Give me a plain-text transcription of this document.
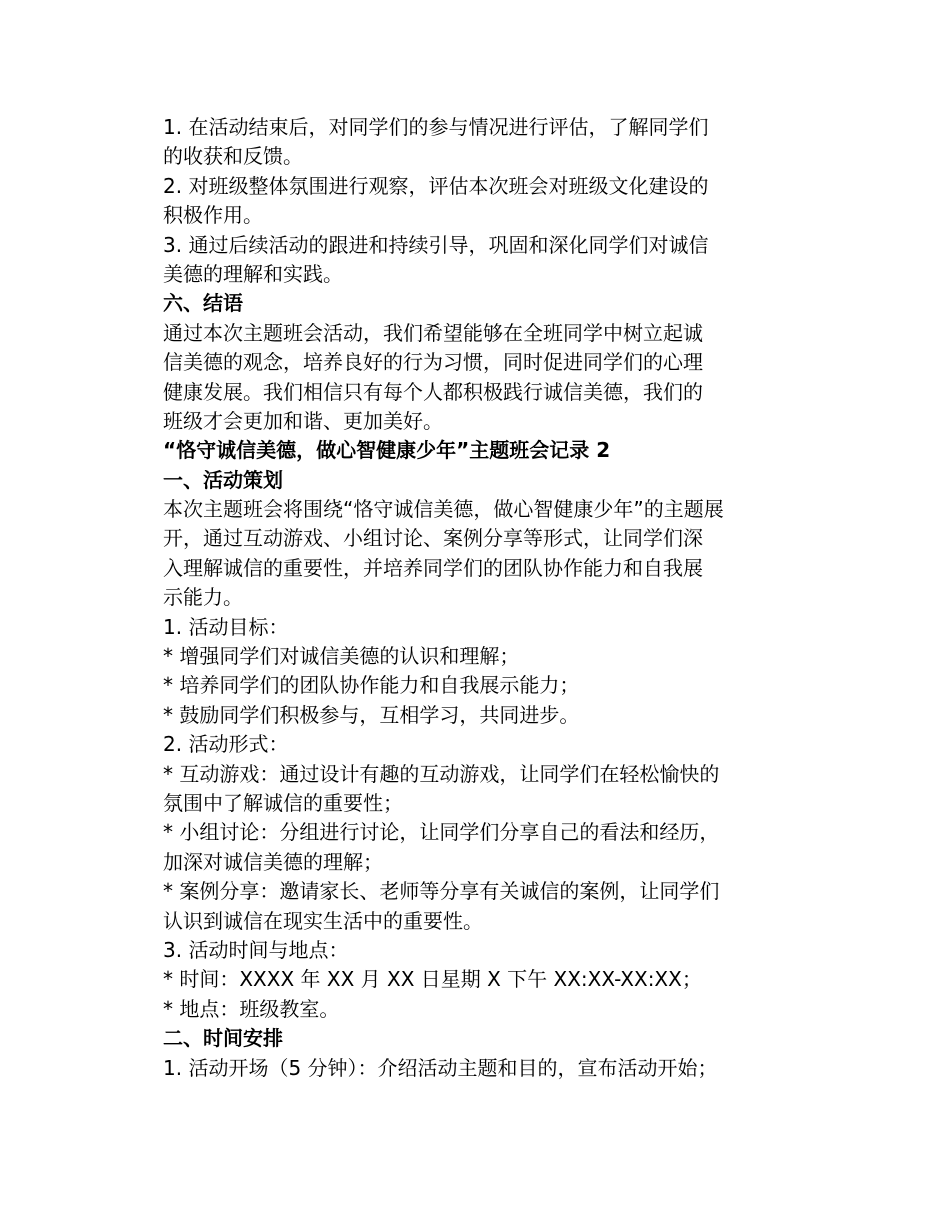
1. 在活动结束后，对同学们的参与情况进行评估，了解同学们
的收获和反馈。
2. 对班级整体氛围进行观察，评估本次班会对班级文化建设的
积极作用。
3. 通过后续活动的跟进和持续引导，巩固和深化同学们对诚信
美德的理解和实践。
六、结语
通过本次主题班会活动，我们希望能够在全班同学中树立起诚
信美德的观念，培养良好的行为习惯，同时促进同学们的心理
健康发展。我们相信只有每个人都积极践行诚信美德，我们的
班级才会更加和谐、更加美好。
“恪守诚信美德，做心智健康少年”主题班会记录 2
一、活动策划
本次主题班会将围绕“恪守诚信美德，做心智健康少年”的主题展
开，通过互动游戏、小组讨论、案例分享等形式，让同学们深
入理解诚信的重要性，并培养同学们的团队协作能力和自我展
示能力。
1. 活动目标：
* 增强同学们对诚信美德的认识和理解；
* 培养同学们的团队协作能力和自我展示能力；
* 鼓励同学们积极参与，互相学习，共同进步。
2. 活动形式：
* 互动游戏：通过设计有趣的互动游戏，让同学们在轻松愉快的
氛围中了解诚信的重要性；
* 小组讨论：分组进行讨论，让同学们分享自己的看法和经历，
加深对诚信美德的理解；
* 案例分享：邀请家长、老师等分享有关诚信的案例，让同学们
认识到诚信在现实生活中的重要性。
3. 活动时间与地点：
* 时间：XXXX 年 XX 月 XX 日星期 X 下午 XX:XX-XX:XX；
* 地点：班级教室。
二、时间安排
1. 活动开场（5 分钟）：介绍活动主题和目的，宣布活动开始；
